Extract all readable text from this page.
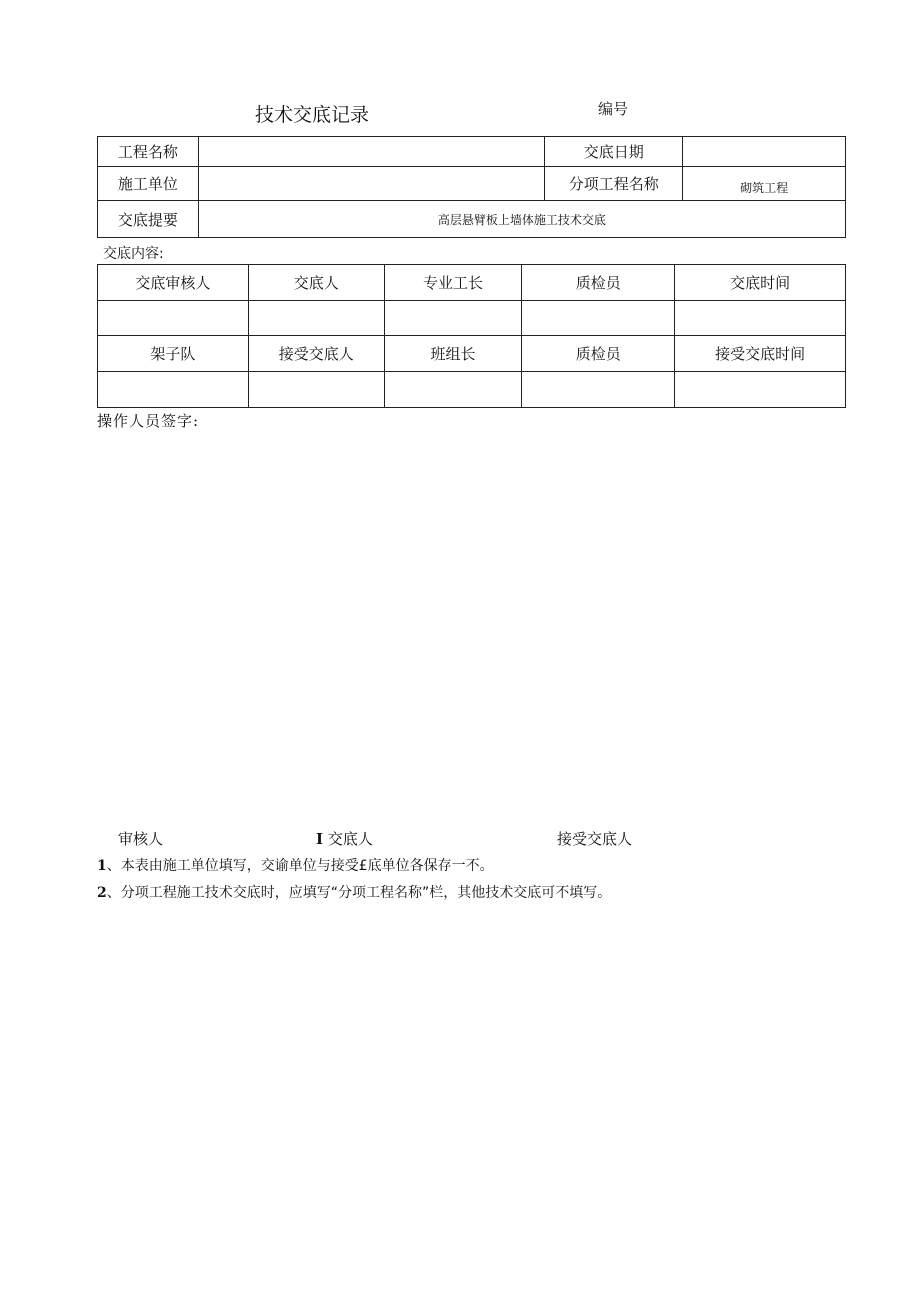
技术交底记录	编号
工程名称		交底日期	
施工单位		分项工程名称	砌筑工程
交底提要	高层悬臂板上墙体施工技术交底		
交底内容:
交底审核人	交底人	专业工长	质检员	交底时间

架子队	接受交底人	班组长	质检员	接受交底时间

操作人员签字:
审核人	I 交底人	接受交底人
1、本表由施工单位填写，交谕单位与接受£底单位各保存一不。
2、分项工程施工技术交底时，应填写“分项工程名称”栏，其他技术交底可不填写。
